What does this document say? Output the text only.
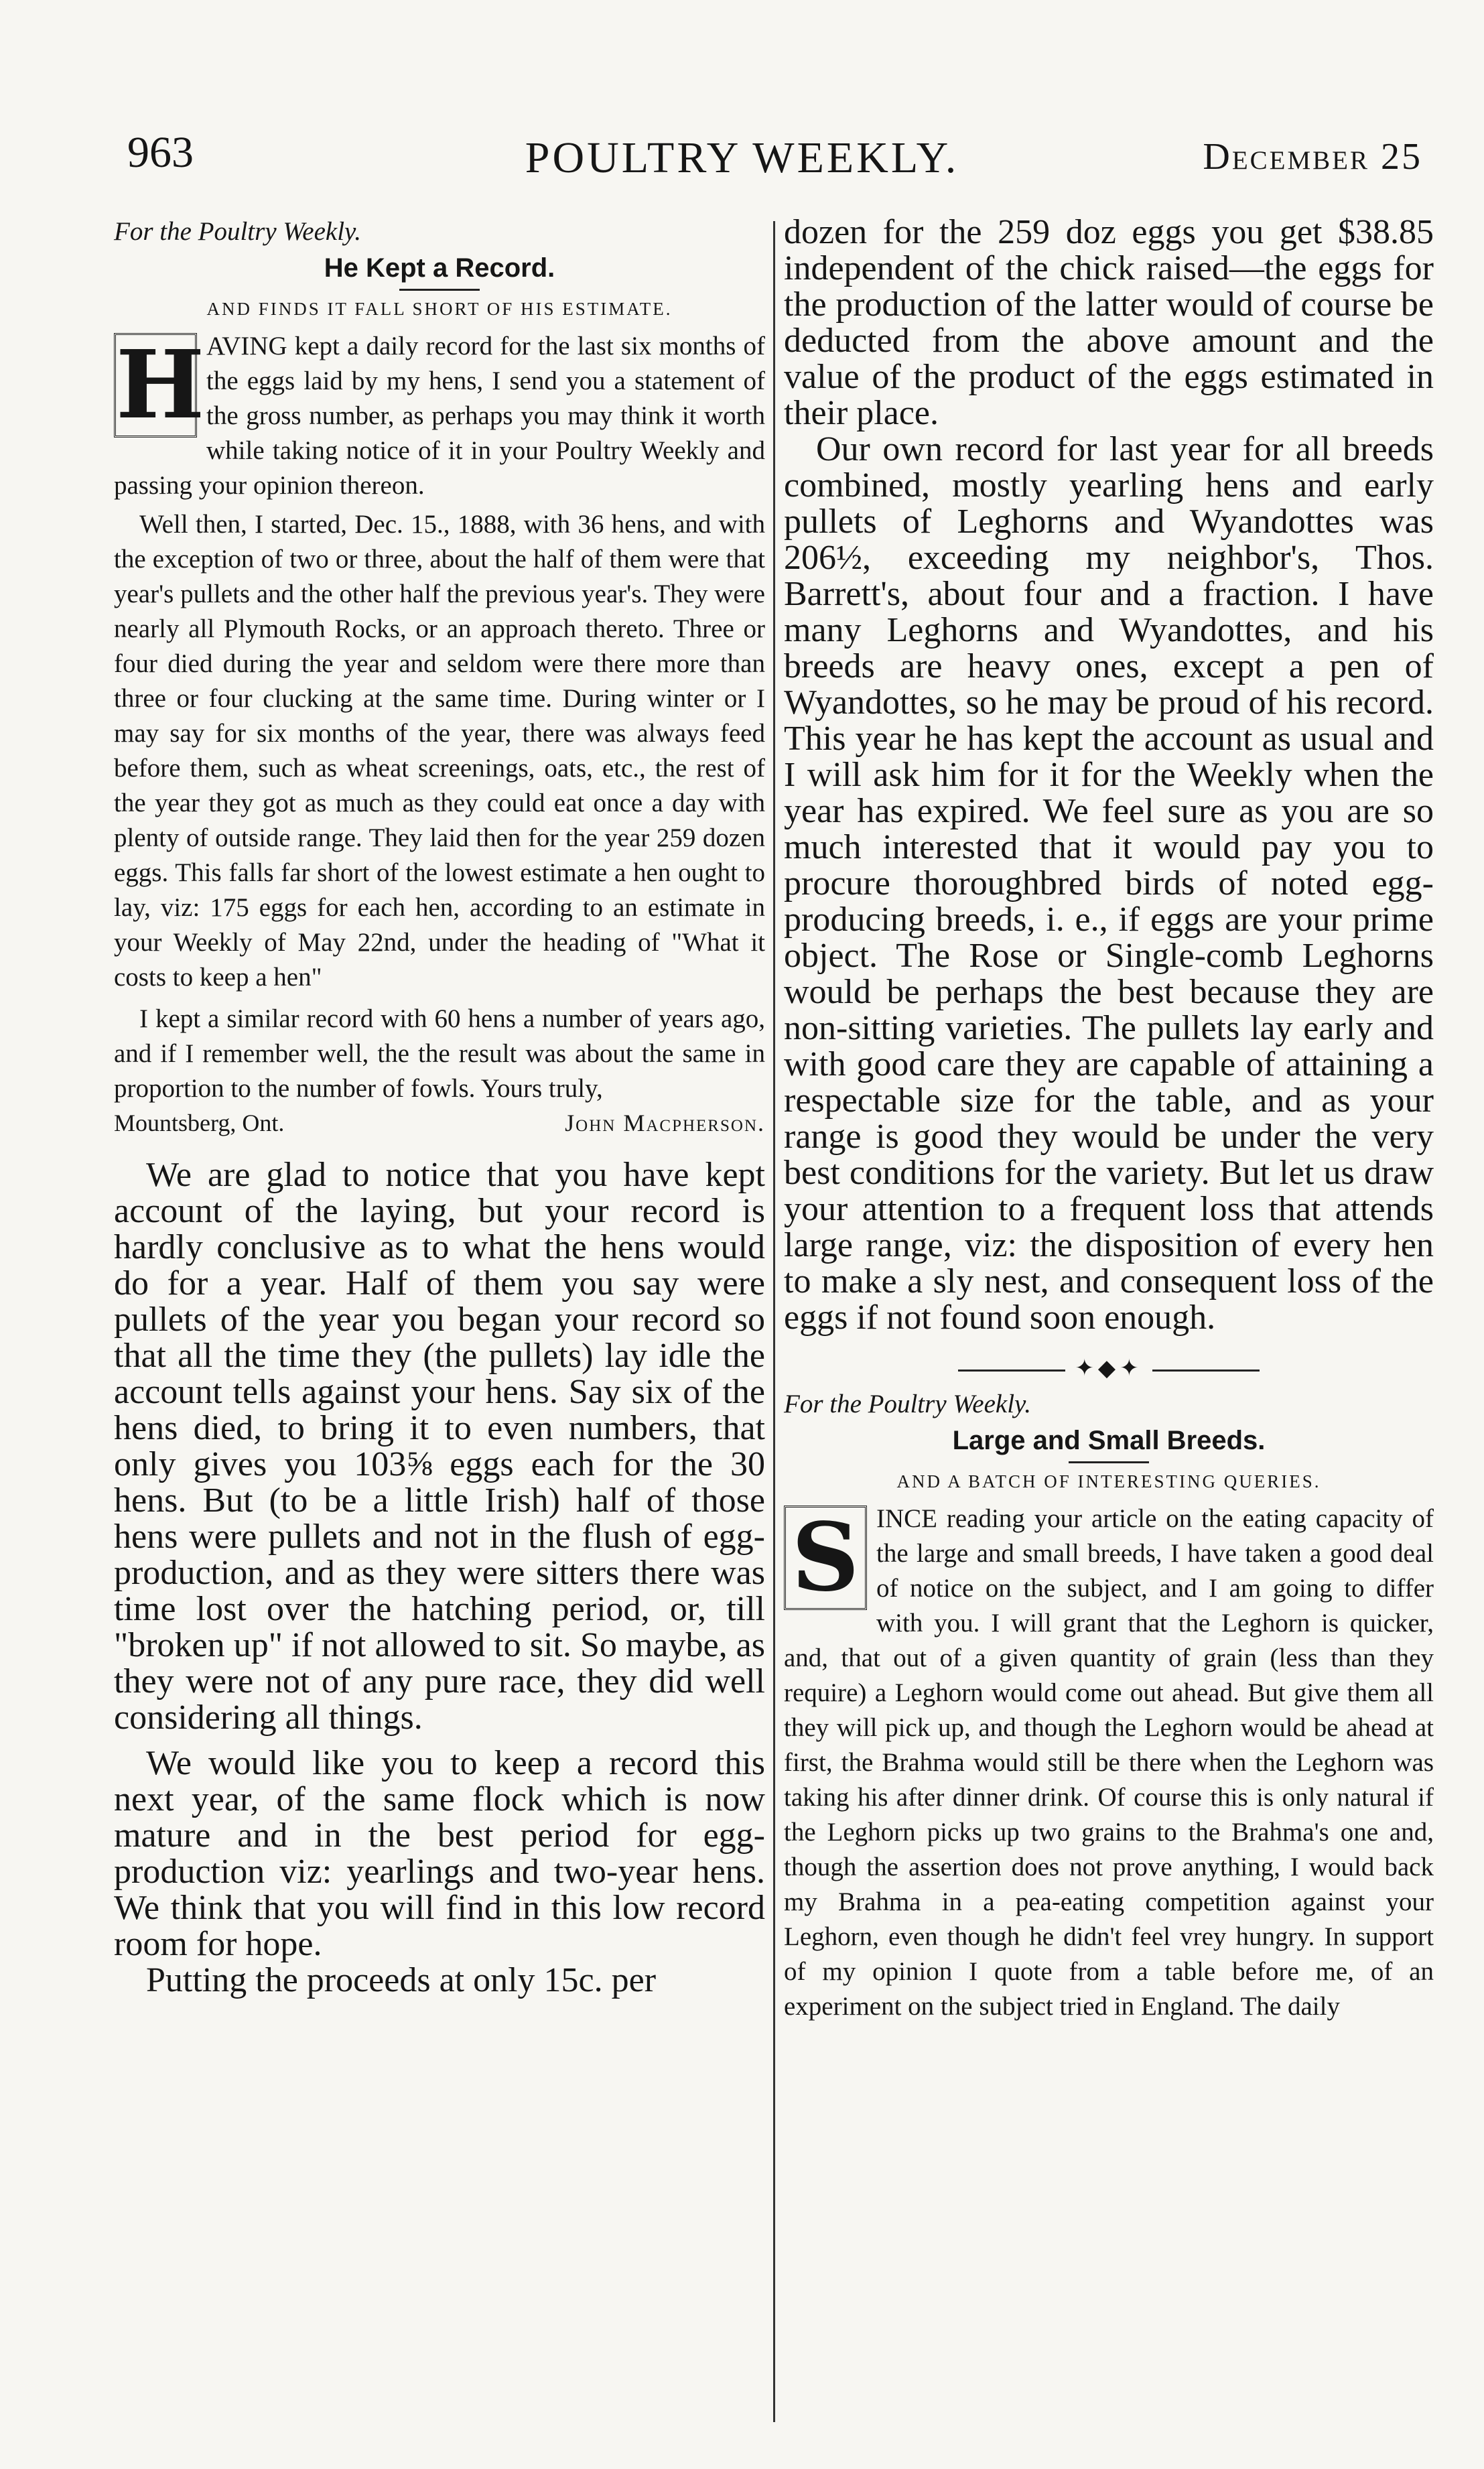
963	POULTRY WEEKLY.	December 25

For the Poultry Weekly.

He Kept a Record.
AND FINDS IT FALL SHORT OF HIS ESTIMATE.
H AVING kept a daily record for the last six months of the eggs laid by my hens, I send you a statement of the gross number, as perhaps you may think it worth while taking notice of it in your Poultry Weekly and passing your opinion thereon.

Well then, I started, Dec. 15., 1888, with 36 hens, and with the exception of two or three, about the half of them were that year's pullets and the other half the previous year's. They were nearly all Plymouth Rocks, or an approach thereto. Three or four died during the year and seldom were there more than three or four clucking at the same time. During winter or I may say for six months of the year, there was always feed before them, such as wheat screenings, oats, etc., the rest of the year they got as much as they could eat once a day with plenty of outside range. They laid then for the year 259 dozen eggs. This falls far short of the lowest estimate a hen ought to lay, viz: 175 eggs for each hen, according to an estimate in your Weekly of May 22nd, under the heading of "What it costs to keep a hen"

I kept a similar record with 60 hens a number of years ago, and if I remember well, the the result was about the same in proportion to the number of fowls. Yours truly,

Mountsberg, Ont.	John Macpherson.

We are glad to notice that you have kept account of the laying, but your record is hardly conclusive as to what the hens would do for a year. Half of them you say were pullets of the year you began your record so that all the time they (the pullets) lay idle the account tells against your hens. Say six of the hens died, to bring it to even numbers, that only gives you 103⅝ eggs each for the 30 hens. But (to be a little Irish) half of those hens were pullets and not in the flush of egg-production, and as they were sitters there was time lost over the hatching period, or, till "broken up" if not allowed to sit. So maybe, as they were not of any pure race, they did well considering all things.

We would like you to keep a record this next year, of the same flock which is now mature and in the best period for egg-production viz: yearlings and two-year hens. We think that you will find in this low record room for hope.

Putting the proceeds at only 15c. per

dozen for the 259 doz eggs you get $38.85 independent of the chick raised—the eggs for the production of the latter would of course be deducted from the above amount and the value of the product of the eggs estimated in their place.

Our own record for last year for all breeds combined, mostly yearling hens and early pullets of Leghorns and Wyandottes was 206½, exceeding my neighbor's, Thos. Barrett's, about four and a fraction. I have many Leghorns and Wyandottes, and his breeds are heavy ones, except a pen of Wyandottes, so he may be proud of his record. This year he has kept the account as usual and I will ask him for it for the Weekly when the year has expired. We feel sure as you are so much interested that it would pay you to procure thoroughbred birds of noted egg-producing breeds, i. e., if eggs are your prime object. The Rose or Single-comb Leghorns would be perhaps the best because they are non-sitting varieties. The pullets lay early and with good care they are capable of attaining a respectable size for the table, and as your range is good they would be under the very best conditions for the variety. But let us draw your attention to a frequent loss that attends large range, viz: the disposition of every hen to make a sly nest, and consequent loss of the eggs if not found soon enough.

✦◆✦

For the Poultry Weekly.

Large and Small Breeds.
AND A BATCH OF INTERESTING QUERIES.
S INCE reading your article on the eating capacity of the large and small breeds, I have taken a good deal of notice on the subject, and I am going to differ with you. I will grant that the Leghorn is quicker, and, that out of a given quantity of grain (less than they require) a Leghorn would come out ahead. But give them all they will pick up, and though the Leghorn would be ahead at first, the Brahma would still be there when the Leghorn was taking his after dinner drink. Of course this is only natural if the Leghorn picks up two grains to the Brahma's one and, though the assertion does not prove anything, I would back my Brahma in a pea-eating competition against your Leghorn, even though he didn't feel vrey hungry. In support of my opinion I quote from a table before me, of an experiment on the subject tried in England. The daily
